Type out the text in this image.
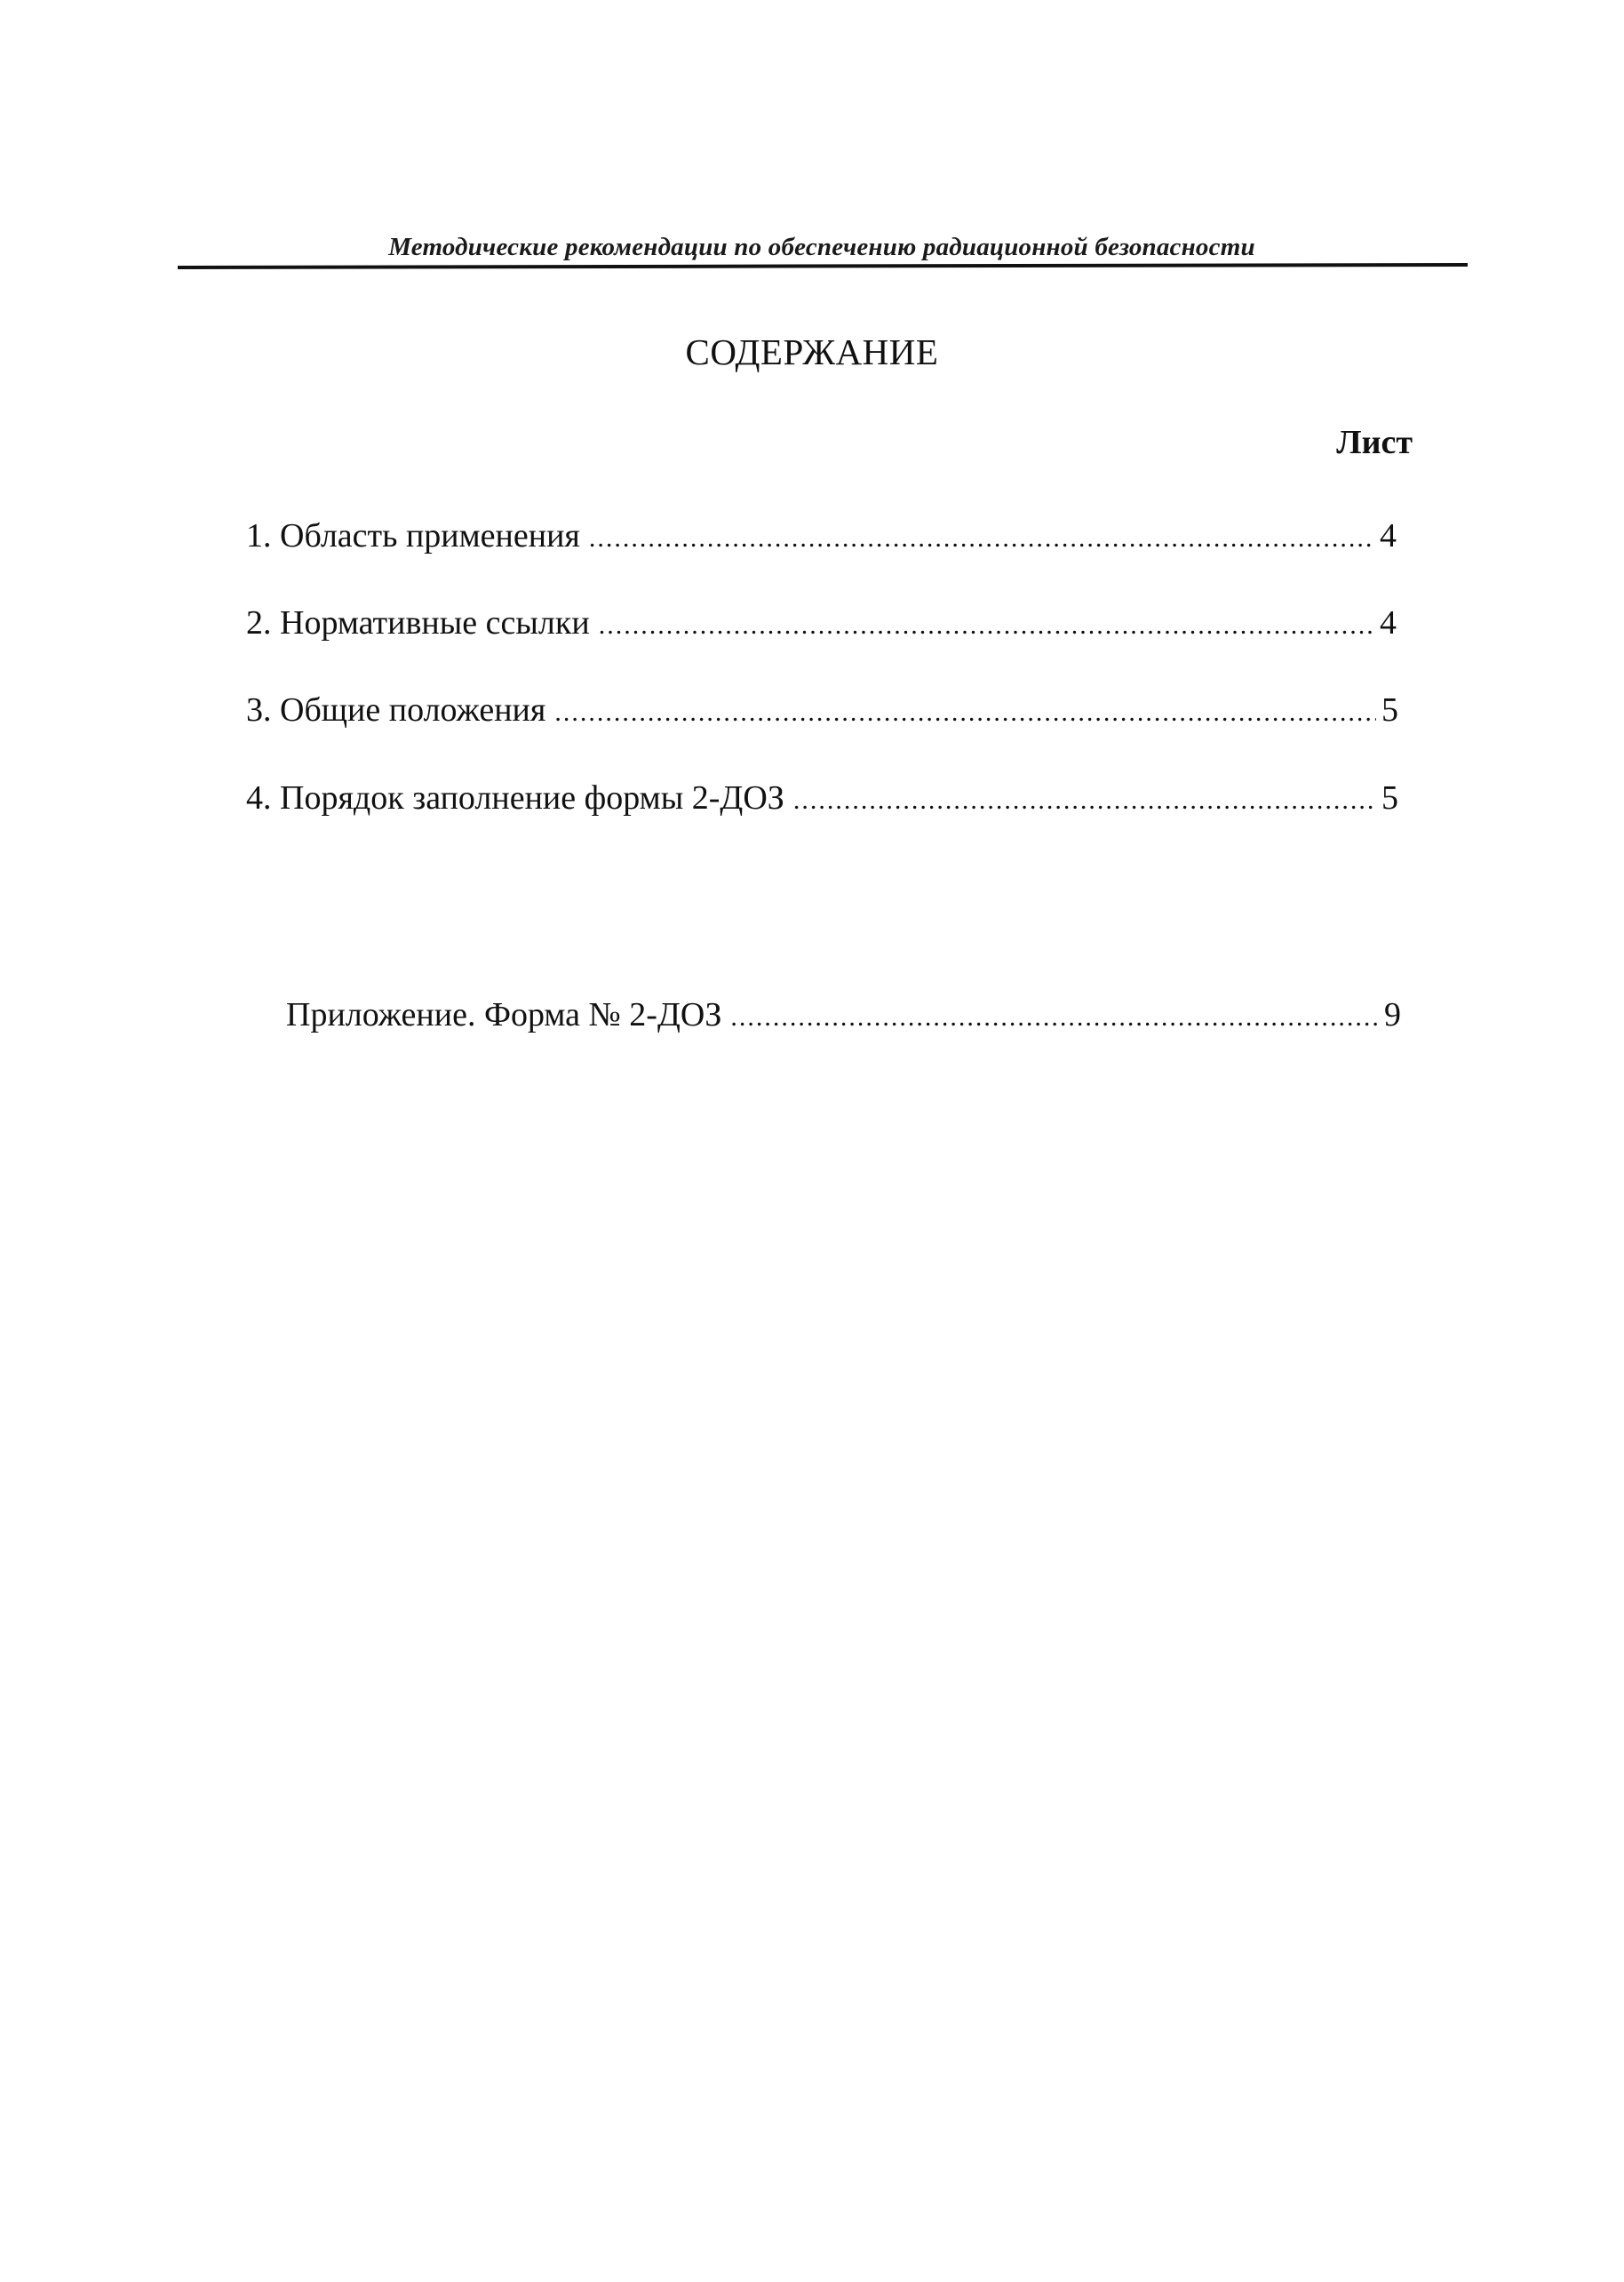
Методические рекомендации по обеспечению радиационной безопасности
СОДЕРЖАНИЕ
Лист
1. Область применения .....	4
2. Нормативные ссылки .....	4
3. Общие положения .....	5
4. Порядок заполнение формы 2-ДОЗ .....	5
Приложение. Форма № 2-ДОЗ .....	9
